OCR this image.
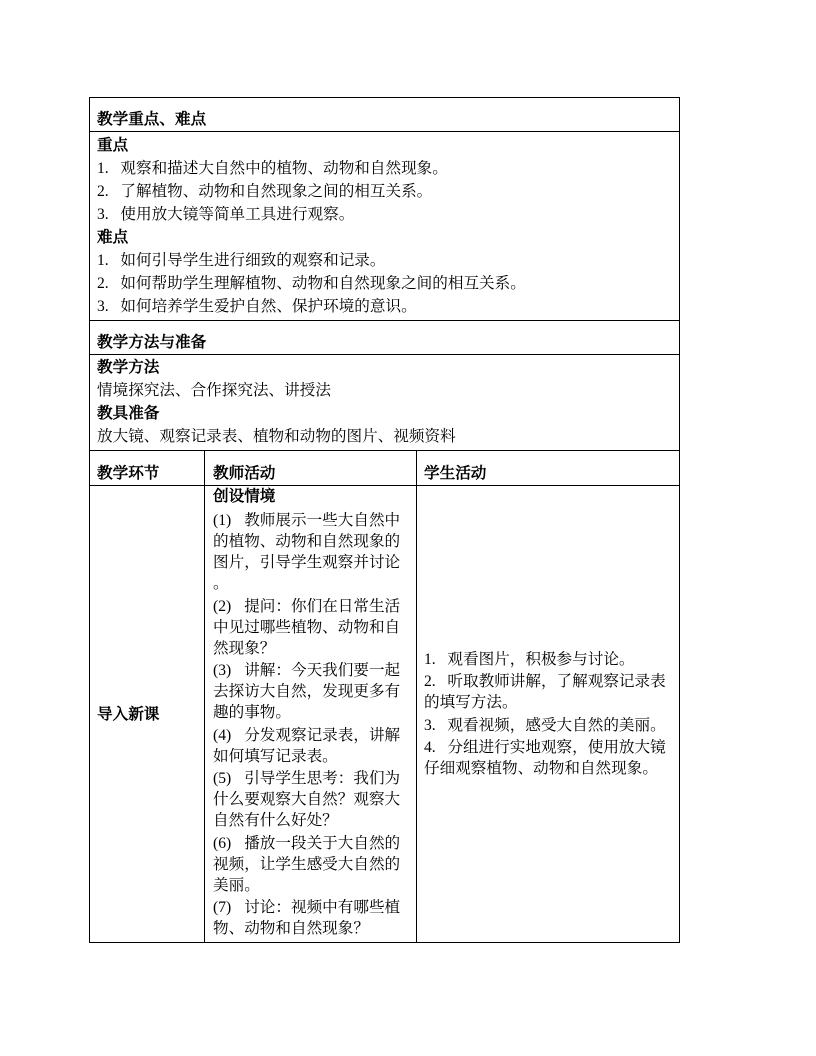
教学重点、难点
重点
1. 观察和描述大自然中的植物、动物和自然现象。
2. 了解植物、动物和自然现象之间的相互关系。
3. 使用放大镜等简单工具进行观察。
难点
1. 如何引导学生进行细致的观察和记录。
2. 如何帮助学生理解植物、动物和自然现象之间的相互关系。
3. 如何培养学生爱护自然、保护环境的意识。
教学方法与准备
教学方法
情境探究法、合作探究法、讲授法
教具准备
放大镜、观察记录表、植物和动物的图片、视频资料
教学环节	教师活动	学生活动
导入新课
创设情境
(1) 教师展示一些大自然中的植物、动物和自然现象的图片，引导学生观察并讨论。
(2) 提问：你们在日常生活中见过哪些植物、动物和自然现象？
(3) 讲解：今天我们要一起去探访大自然，发现更多有趣的事物。
(4) 分发观察记录表，讲解如何填写记录表。
(5) 引导学生思考：我们为什么要观察大自然？观察大自然有什么好处？
(6) 播放一段关于大自然的视频，让学生感受大自然的美丽。
(7) 讨论：视频中有哪些植物、动物和自然现象？
1. 观看图片，积极参与讨论。
2. 听取教师讲解，了解观察记录表的填写方法。
3. 观看视频，感受大自然的美丽。
4. 分组进行实地观察，使用放大镜仔细观察植物、动物和自然现象。
